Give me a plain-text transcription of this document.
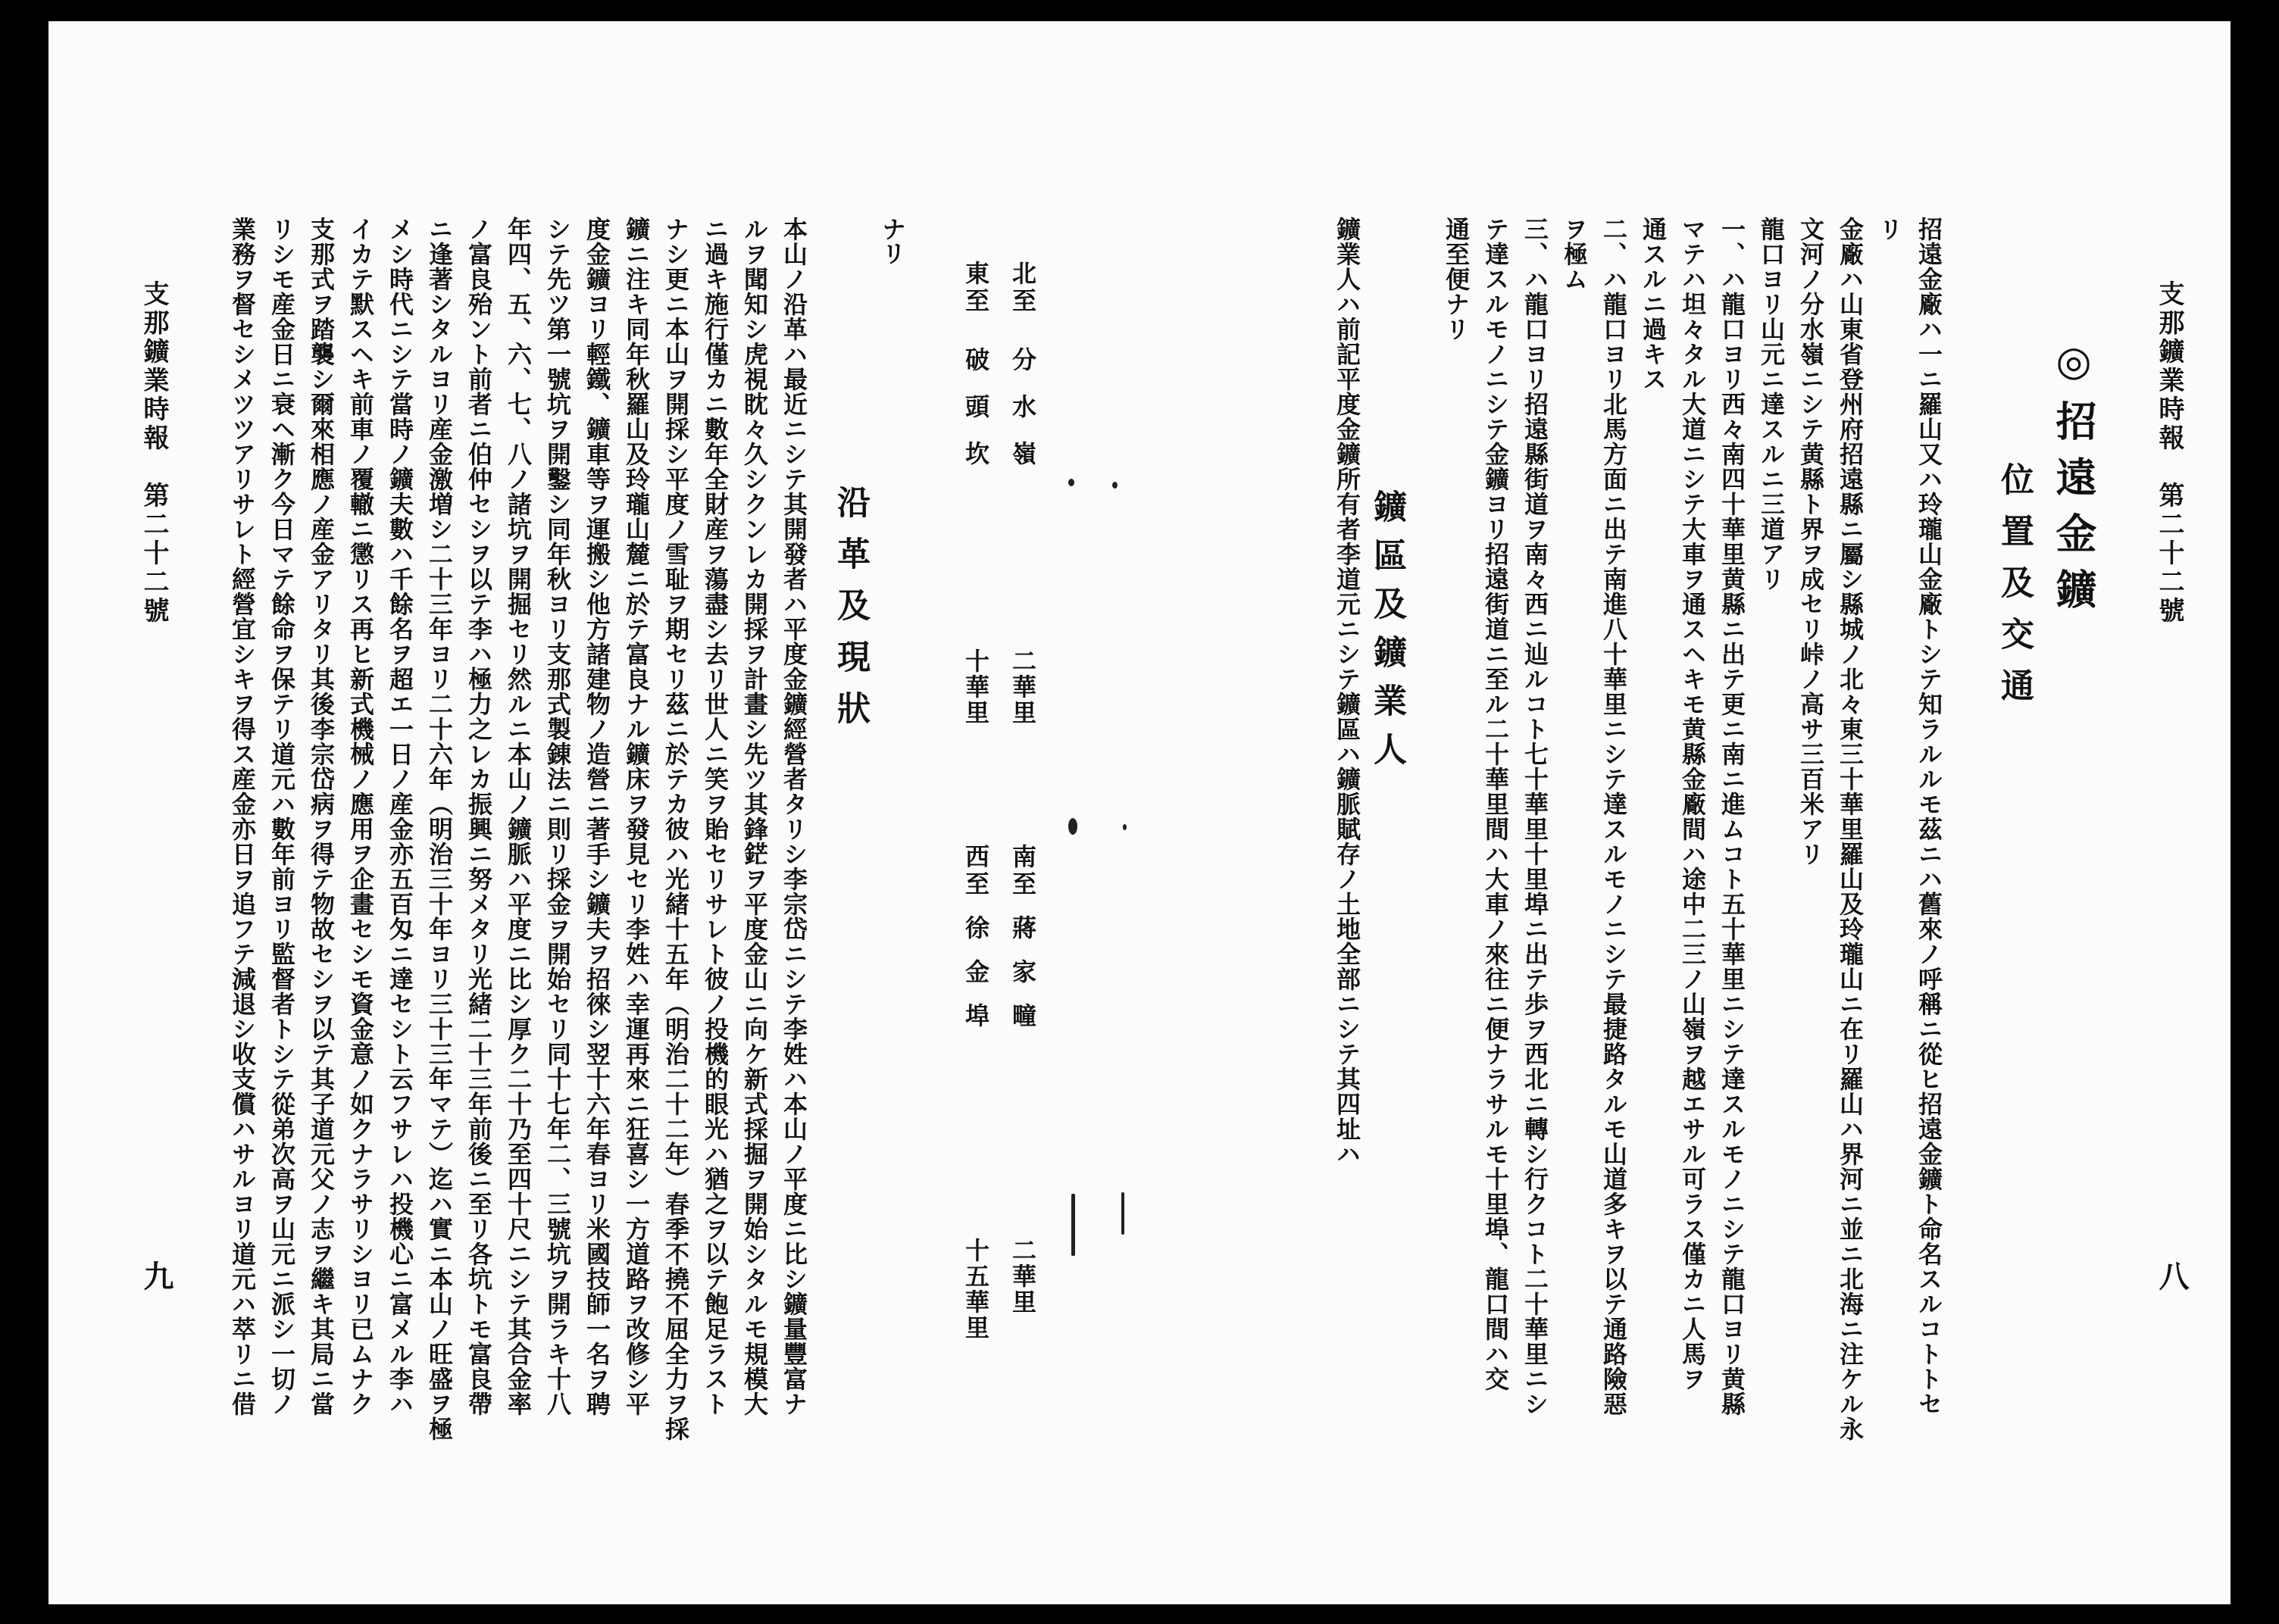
支那鑛業時報　第二十二號
八
◎招遠金鑛
位置及交通
招遠金廠ハ一ニ羅山又ハ玲瓏山金廠トシテ知ラルルモ茲ニハ舊來ノ呼稱ニ從ヒ招遠金鑛ト命名スルコトトセ
リ
金廠ハ山東省登州府招遠縣ニ屬シ縣城ノ北々東三十華里羅山及玲瓏山ニ在リ羅山ハ界河ニ並ニ北海ニ注ケル永
文河ノ分水嶺ニシテ黄縣ト界ヲ成セリ峠ノ高サ三百米アリ
龍口ヨリ山元ニ達スルニ三道アリ
一、ハ龍口ヨリ西々南四十華里黄縣ニ出テ更ニ南ニ進ムコト五十華里ニシテ達スルモノニシテ龍口ヨリ黄縣
マテハ坦々タル大道ニシテ大車ヲ通スヘキモ黄縣金廠間ハ途中二三ノ山嶺ヲ越エサル可ラス僅カニ人馬ヲ
通スルニ過キス
二、ハ龍口ヨリ北馬方面ニ出テ南進八十華里ニシテ達スルモノニシテ最捷路タルモ山道多キヲ以テ通路險惡
ヲ極ム
三、ハ龍口ヨリ招遠縣街道ヲ南々西ニ辿ルコト七十華里十里埠ニ出テ歩ヲ西北ニ轉シ行クコト二十華里ニシ
テ達スルモノニシテ金鑛ヨリ招遠街道ニ至ル二十華里間ハ大車ノ來往ニ便ナラサルモ十里埠、龍口間ハ交
通至便ナリ
鑛區及鑛業人
鑛業人ハ前記平度金鑛所有者李道元ニシテ鑛區ハ鑛脈賦存ノ土地全部ニシテ其四址ハ
支那鑛業時報　第二十二號
九
北至
分水嶺
二華里
南至
蔣家疃
二華里
東至
破頭坎
十華里
西至
徐金埠
十五華里
ナリ
沿革及現狀
本山ノ沿革ハ最近ニシテ其開發者ハ平度金鑛經營者タリシ李宗岱ニシテ李姓ハ本山ノ平度ニ比シ鑛量豐富ナ
ルヲ聞知シ虎視眈々久シクンレカ開採ヲ計畫シ先ツ其鋒鋩ヲ平度金山ニ向ケ新式採掘ヲ開始シタルモ規模大
ニ過キ施行僅カニ數年全財産ヲ蕩盡シ去リ世人ニ笑ヲ貽セリサレト彼ノ投機的眼光ハ猶之ヲ以テ飽足ラスト
ナシ更ニ本山ヲ開採シ平度ノ雪耻ヲ期セリ茲ニ於テカ彼ハ光緒十五年（明治二十二年）春季不撓不屈全力ヲ採
鑛ニ注キ同年秋羅山及玲瓏山麓ニ於テ富良ナル鑛床ヲ發見セリ李姓ハ幸運再來ニ狂喜シ一方道路ヲ改修シ平
度金鑛ヨリ輕鐵、鑛車等ヲ運搬シ他方諸建物ノ造營ニ著手シ鑛夫ヲ招徠シ翌十六年春ヨリ米國技師一名ヲ聘
シテ先ツ第一號坑ヲ開鑿シ同年秋ヨリ支那式製錬法ニ則リ採金ヲ開始セリ同十七年二、三號坑ヲ開ラキ十八
年四、五、六、七、八ノ諸坑ヲ開掘セリ然ルニ本山ノ鑛脈ハ平度ニ比シ厚ク二十乃至四十尺ニシテ其合金率
ノ富良殆ント前者ニ伯仲セシヲ以テ李ハ極力之レカ振興ニ努メタリ光緒二十三年前後ニ至リ各坑トモ富良帶
ニ逢著シタルヨリ産金激増シ二十三年ヨリ二十六年（明治三十年ヨリ三十三年マテ）迄ハ實ニ本山ノ旺盛ヲ極
メシ時代ニシテ當時ノ鑛夫數ハ千餘名ヲ超エ一日ノ産金亦五百匁ニ達セシト云フサレハ投機心ニ富メル李ハ
イカテ默スヘキ前車ノ覆轍ニ懲リス再ヒ新式機械ノ應用ヲ企畫セシモ資金意ノ如クナラサリシヨリ已ムナク
支那式ヲ踏襲シ爾來相應ノ産金アリタリ其後李宗岱病ヲ得テ物故セシヲ以テ其子道元父ノ志ヲ繼キ其局ニ當
リシモ産金日ニ衰ヘ漸ク今日マテ餘命ヲ保テリ道元ハ數年前ヨリ監督者トシテ從弟次高ヲ山元ニ派シ一切ノ
業務ヲ督セシメツツアリサレト經營宜シキヲ得ス産金亦日ヲ追フテ減退シ收支償ハサルヨリ道元ハ萃リニ借
